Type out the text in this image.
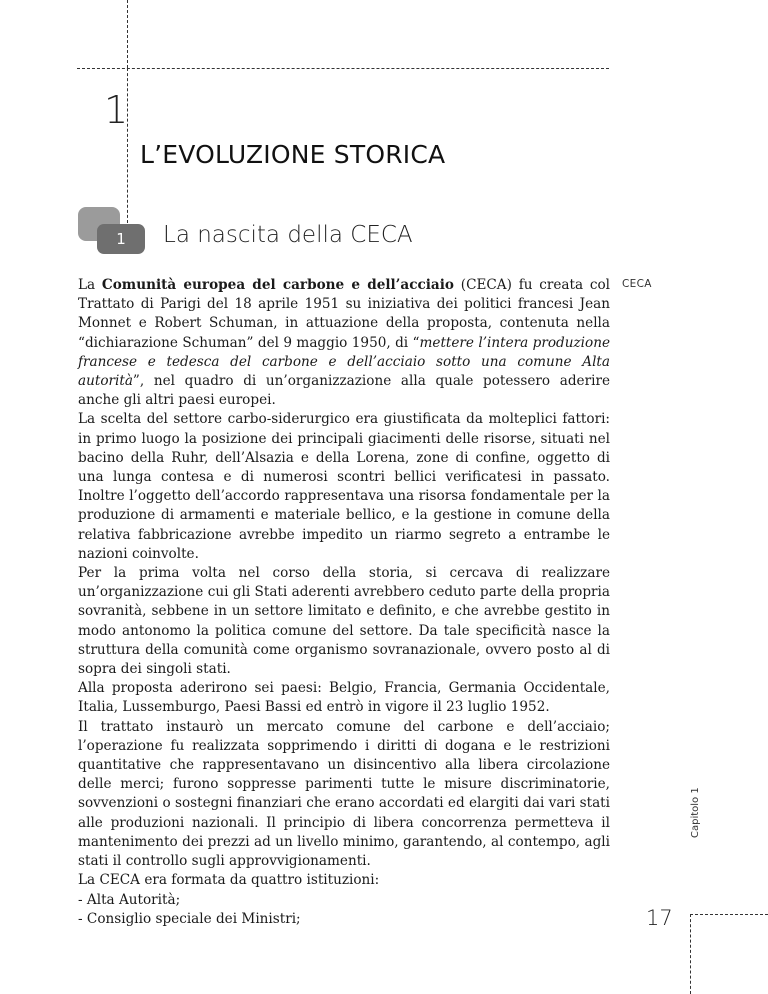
1
L’EVOLUZIONE STORICA
1	La nascita della CECA
CECA

La Comunità europea del carbone e dell’acciaio (CECA) fu creata col Trattato di Parigi del 18 aprile 1951 su iniziativa dei politici francesi Jean Monnet e Robert Schuman, in attuazione della proposta, contenuta nella “dichiarazione Schuman” del 9 maggio 1950, di “mettere l’intera produzione francese e tedesca del carbone e dell’acciaio sotto una comune Alta autorità”, nel quadro di un’organizzazione alla quale potessero aderire anche gli altri paesi europei.

La scelta del settore carbo-siderurgico era giustificata da molteplici fattori: in primo luogo la posizione dei principali giacimenti delle risorse, situati nel bacino della Ruhr, dell’Alsazia e della Lorena, zone di confine, oggetto di una lunga contesa e di numerosi scontri bellici verificatesi in passato. Inoltre l’oggetto dell’accordo rappresentava una risorsa fondamentale per la produzione di armamenti e materiale bellico, e la gestione in comune della relativa fabbricazione avrebbe impedito un riarmo segreto a entrambe le nazioni coinvolte.

Per la prima volta nel corso della storia, si cercava di realizzare un’organizzazione cui gli Stati aderenti avrebbero ceduto parte della propria sovranità, sebbene in un settore limitato e definito, e che avrebbe gestito in modo antonomo la politica comune del settore. Da tale specificità nasce la struttura della comunità come organismo sovranazionale, ovvero posto al di sopra dei singoli stati.

Alla proposta aderirono sei paesi: Belgio, Francia, Germania Occidentale, Italia, Lussemburgo, Paesi Bassi ed entrò in vigore il 23 luglio 1952.

Il trattato instaurò un mercato comune del carbone e dell’acciaio; l’operazione fu realizzata sopprimendo i diritti di dogana e le restrizioni quantitative che rappresentavano un disincentivo alla libera circolazione delle merci; furono soppresse parimenti tutte le misure discriminatorie, sovvenzioni o sostegni finanziari che erano accordati ed elargiti dai vari stati alle produzioni nazionali. Il principio di libera concorrenza permetteva il mantenimento dei prezzi ad un livello minimo, garantendo, al contempo, agli stati il controllo sugli approvvigionamenti.

La CECA era formata da quattro istituzioni:

- Alta Autorità;

- Consiglio speciale dei Ministri;

Capitolo 1
17
